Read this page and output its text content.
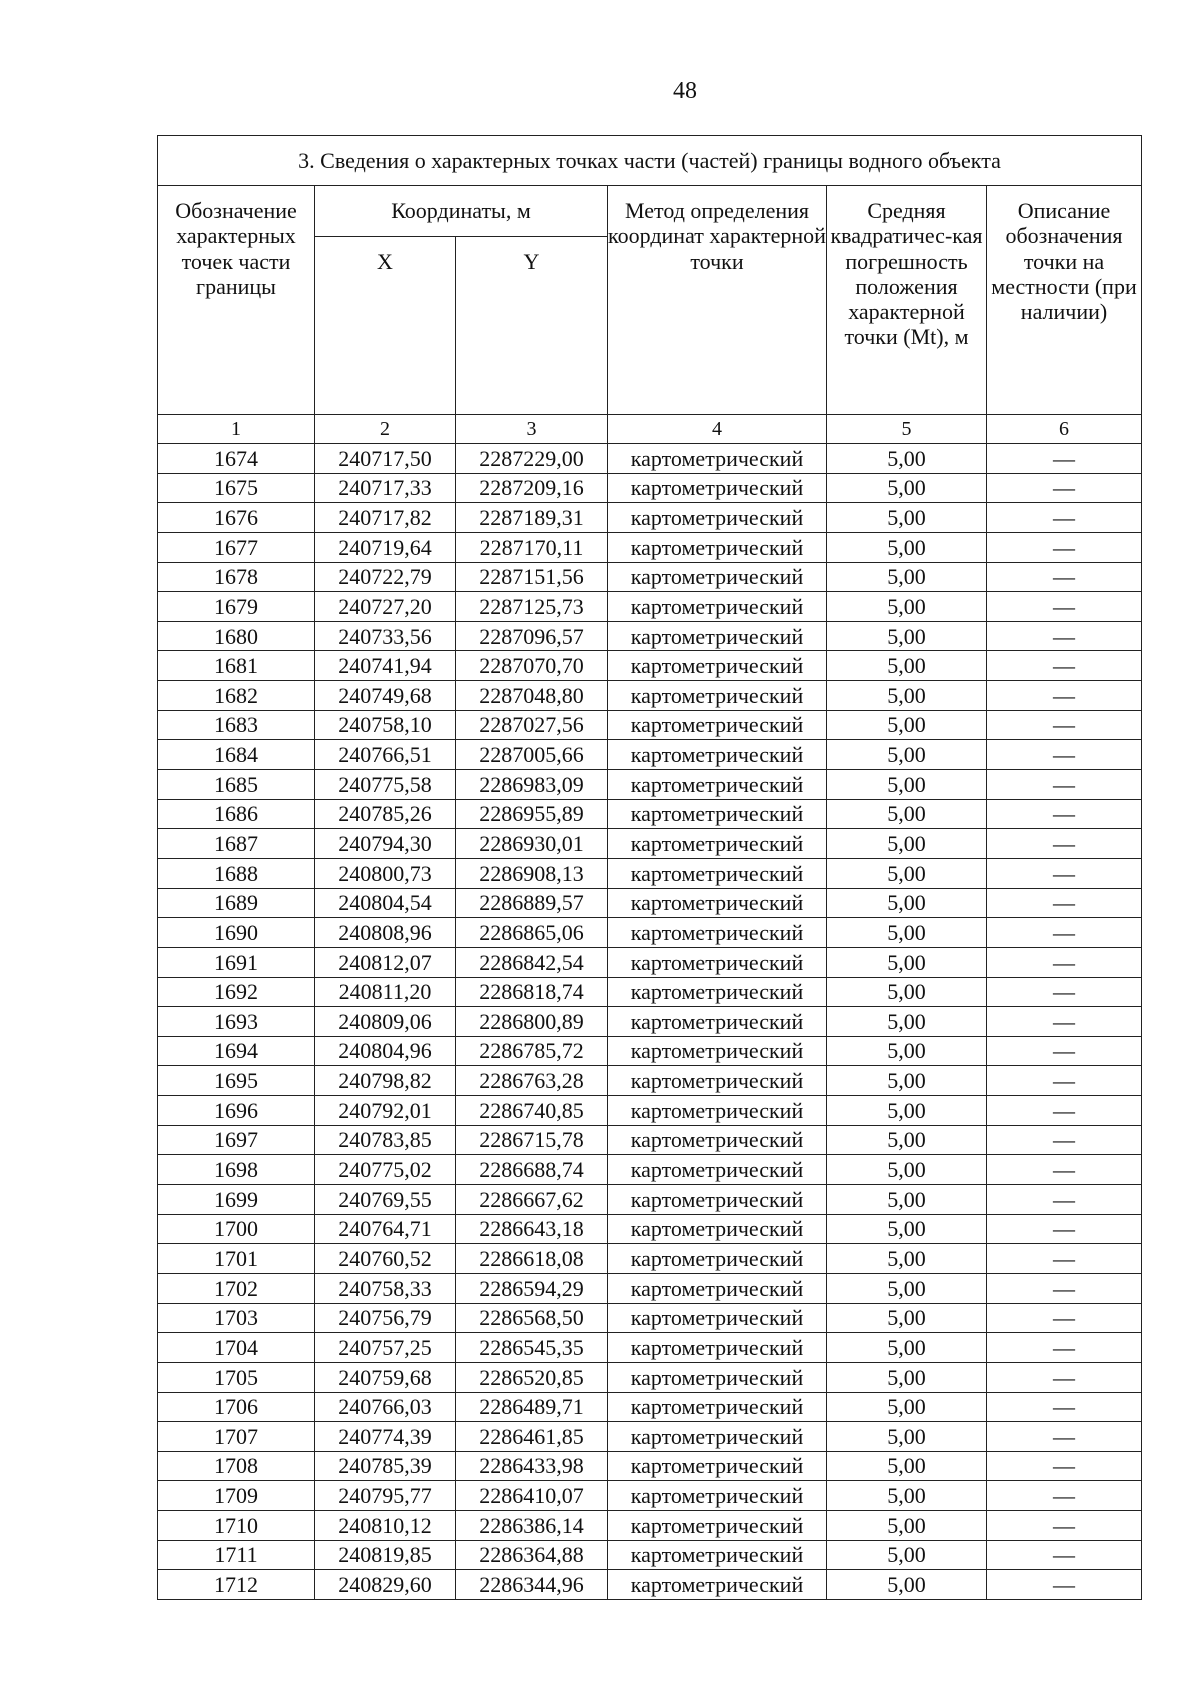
48
3. Сведения о характерных точках части (частей) границы водного объекта					
Обозначение характерных точек части границы	Координаты, м		Метод определения координат характерной точки	Средняя квадратичес-кая погрешность положения характерной точки (Mt), м	Описание обозначения точки на местности (при наличии)
	X	Y			
1	2	3	4	5	6
1674	240717,50	2287229,00	картометрический	5,00	—
1675	240717,33	2287209,16	картометрический	5,00	—
1676	240717,82	2287189,31	картометрический	5,00	—
1677	240719,64	2287170,11	картометрический	5,00	—
1678	240722,79	2287151,56	картометрический	5,00	—
1679	240727,20	2287125,73	картометрический	5,00	—
1680	240733,56	2287096,57	картометрический	5,00	—
1681	240741,94	2287070,70	картометрический	5,00	—
1682	240749,68	2287048,80	картометрический	5,00	—
1683	240758,10	2287027,56	картометрический	5,00	—
1684	240766,51	2287005,66	картометрический	5,00	—
1685	240775,58	2286983,09	картометрический	5,00	—
1686	240785,26	2286955,89	картометрический	5,00	—
1687	240794,30	2286930,01	картометрический	5,00	—
1688	240800,73	2286908,13	картометрический	5,00	—
1689	240804,54	2286889,57	картометрический	5,00	—
1690	240808,96	2286865,06	картометрический	5,00	—
1691	240812,07	2286842,54	картометрический	5,00	—
1692	240811,20	2286818,74	картометрический	5,00	—
1693	240809,06	2286800,89	картометрический	5,00	—
1694	240804,96	2286785,72	картометрический	5,00	—
1695	240798,82	2286763,28	картометрический	5,00	—
1696	240792,01	2286740,85	картометрический	5,00	—
1697	240783,85	2286715,78	картометрический	5,00	—
1698	240775,02	2286688,74	картометрический	5,00	—
1699	240769,55	2286667,62	картометрический	5,00	—
1700	240764,71	2286643,18	картометрический	5,00	—
1701	240760,52	2286618,08	картометрический	5,00	—
1702	240758,33	2286594,29	картометрический	5,00	—
1703	240756,79	2286568,50	картометрический	5,00	—
1704	240757,25	2286545,35	картометрический	5,00	—
1705	240759,68	2286520,85	картометрический	5,00	—
1706	240766,03	2286489,71	картометрический	5,00	—
1707	240774,39	2286461,85	картометрический	5,00	—
1708	240785,39	2286433,98	картометрический	5,00	—
1709	240795,77	2286410,07	картометрический	5,00	—
1710	240810,12	2286386,14	картометрический	5,00	—
1711	240819,85	2286364,88	картометрический	5,00	—
1712	240829,60	2286344,96	картометрический	5,00	—
